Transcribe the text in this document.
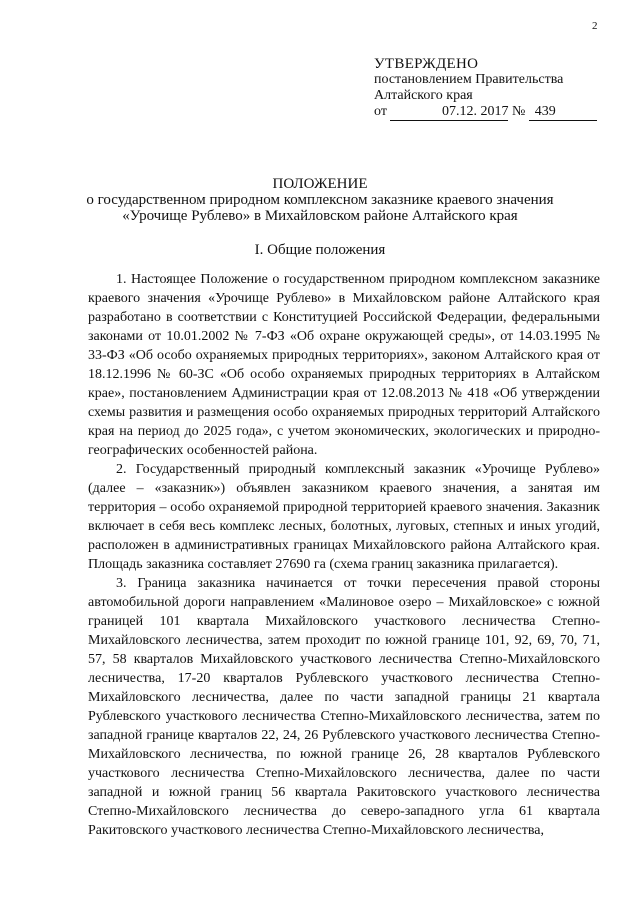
2
УТВЕРЖДЕНО
постановлением Правительства
Алтайского края
от	07.12. 2017 № 439
ПОЛОЖЕНИЕ
о государственном природном комплексном заказнике краевого значения
«Урочище Рублево» в Михайловском районе Алтайского края
I. Общие положения

1. Настоящее Положение о государственном природном комплексном заказнике краевого значения «Урочище Рублево» в Михайловском районе Алтайского края разработано в соответствии с Конституцией Российской Федерации, федеральными законами от 10.01.2002 № 7-ФЗ «Об охране окружающей среды», от 14.03.1995 № 33-ФЗ «Об особо охраняемых природных территориях», законом Алтайского края от 18.12.1996 № 60-ЗС «Об особо охраняемых природных территориях в Алтайском крае», постановлением Администрации края от 12.08.2013 № 418 «Об утверждении схемы развития и размещения особо охраняемых природных территорий Алтайского края на период до 2025 года», с учетом экономических, экологических и природно-географических особенностей района.

2. Государственный природный комплексный заказник «Урочище Рублево» (далее – «заказник») объявлен заказником краевого значения, а занятая им территория – особо охраняемой природной территорией краевого значения. Заказник включает в себя весь комплекс лесных, болотных, луговых, степных и иных угодий, расположен в административных границах Михайловского района Алтайского края. Площадь заказника составляет 27690 га (схема границ заказника прилагается).

3. Граница заказника начинается от точки пересечения правой стороны автомобильной дороги направлением «Малиновое озеро – Михайловское» с южной границей 101 квартала Михайловского участкового лесничества Степно-Михайловского лесничества, затем проходит по южной границе 101, 92, 69, 70, 71, 57, 58 кварталов Михайловского участкового лесничества Степно-Михайловского лесничества, 17-20 кварталов Рублевского участкового лесничества Степно-Михайловского лесничества, далее по части западной границы 21 квартала Рублевского участкового лесничества Степно-Михайловского лесничества, затем по западной границе кварталов 22, 24, 26 Рублевского участкового лесничества Степно-Михайловского лесничества, по южной границе 26, 28 кварталов Рублевского участкового лесничества Степно-Михайловского лесничества, далее по части западной и южной границ 56 квартала Ракитовского участкового лесничества Степно-Михайловского лесничества до северо-западного угла 61 квартала Ракитовского участкового лесничества Степно-Михайловского лесничества,
